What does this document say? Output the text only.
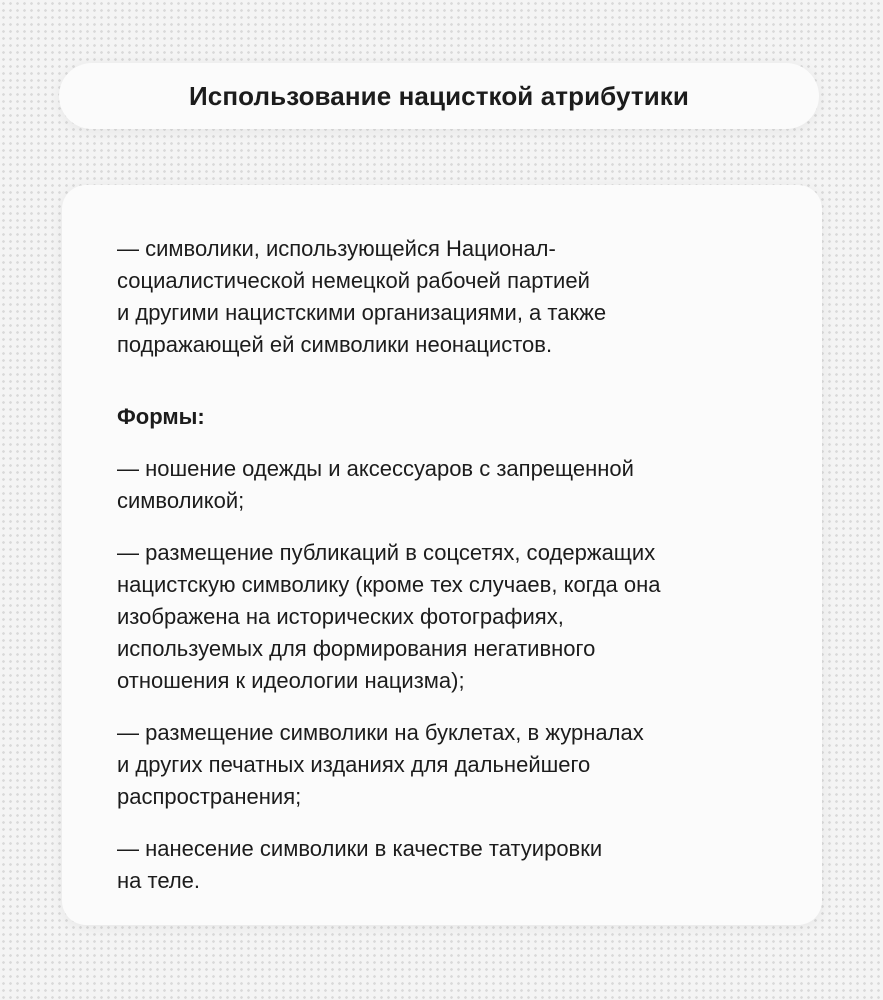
Использование нацисткой атрибутики

— символики, использующейся Национал-
социалистической немецкой рабочей партией
и другими нацистскими организациями, а также
подражающей ей символики неонацистов.

Формы:

— ношение одежды и аксессуаров с запрещенной
символикой;

— размещение публикаций в соцсетях, содержащих
нацистскую символику (кроме тех случаев, когда она
изображена на исторических фотографиях,
используемых для формирования негативного
отношения к идеологии нацизма);

— размещение символики на буклетах, в журналах
и других печатных изданиях для дальнейшего
распространения;

— нанесение символики в качестве татуировки
на теле.
